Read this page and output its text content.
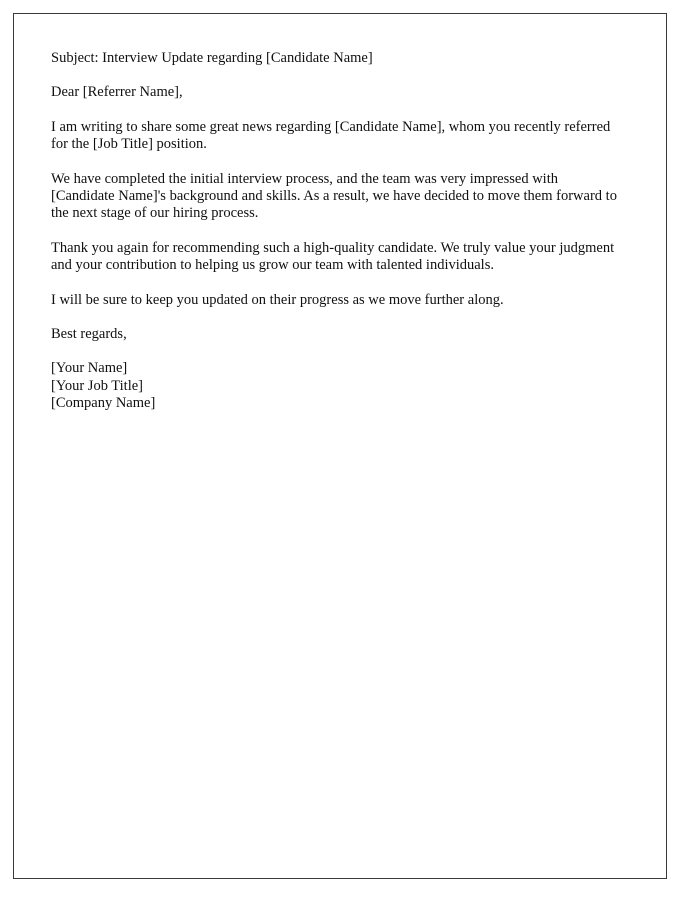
Subject: Interview Update regarding [Candidate Name]

Dear [Referrer Name],

I am writing to share some great news regarding [Candidate Name], whom you recently referred for the [Job Title] position.

We have completed the initial interview process, and the team was very impressed with [Candidate Name]'s background and skills. As a result, we have decided to move them forward to the next stage of our hiring process.

Thank you again for recommending such a high-quality candidate. We truly value your judgment and your contribution to helping us grow our team with talented individuals.

I will be sure to keep you updated on their progress as we move further along.

Best regards,

[Your Name]

[Your Job Title]

[Company Name]
